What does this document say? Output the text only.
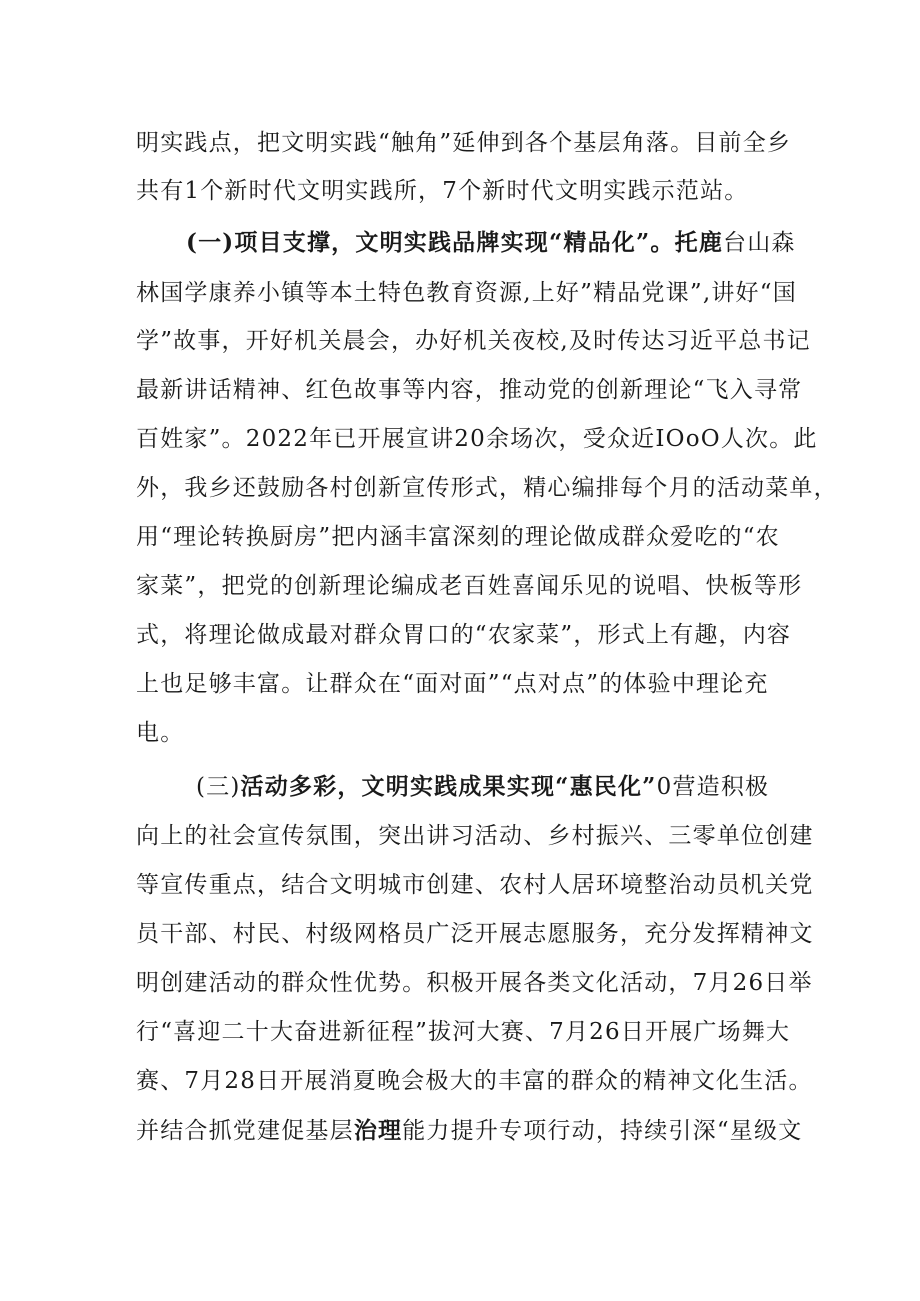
明实践点，把文明实践“触角”延伸到各个基层角落。目前全乡
共有1个新时代文明实践所，7个新时代文明实践示范站。
(一)项目支撑，文明实践品牌实现“精品化”。托鹿台山森
林国学康养小镇等本土特色教育资源,上好”精品党课”,讲好“国
学”故事，开好机关晨会，办好机关夜校,及时传达习近平总书记
最新讲话精神、红色故事等内容，推动党的创新理论“飞入寻常
百姓家”。2022年已开展宣讲20余场次，受众近IOoO人次。此
外，我乡还鼓励各村创新宣传形式，精心编排每个月的活动菜单，
用“理论转换厨房”把内涵丰富深刻的理论做成群众爱吃的“农
家菜”，把党的创新理论编成老百姓喜闻乐见的说唱、快板等形
式，将理论做成最对群众胃口的“农家菜”，形式上有趣，内容
上也足够丰富。让群众在“面对面”“点对点”的体验中理论充
电。
(三)活动多彩，文明实践成果实现“惠民化”0营造积极
向上的社会宣传氛围，突出讲习活动、乡村振兴、三零单位创建
等宣传重点，结合文明城市创建、农村人居环境整治动员机关党
员干部、村民、村级网格员广泛开展志愿服务，充分发挥精神文
明创建活动的群众性优势。积极开展各类文化活动，7月26日举
行“喜迎二十大奋进新征程”拔河大赛、7月26日开展广场舞大
赛、7月28日开展消夏晚会极大的丰富的群众的精神文化生活。
并结合抓党建促基层治理能力提升专项行动，持续引深“星级文
